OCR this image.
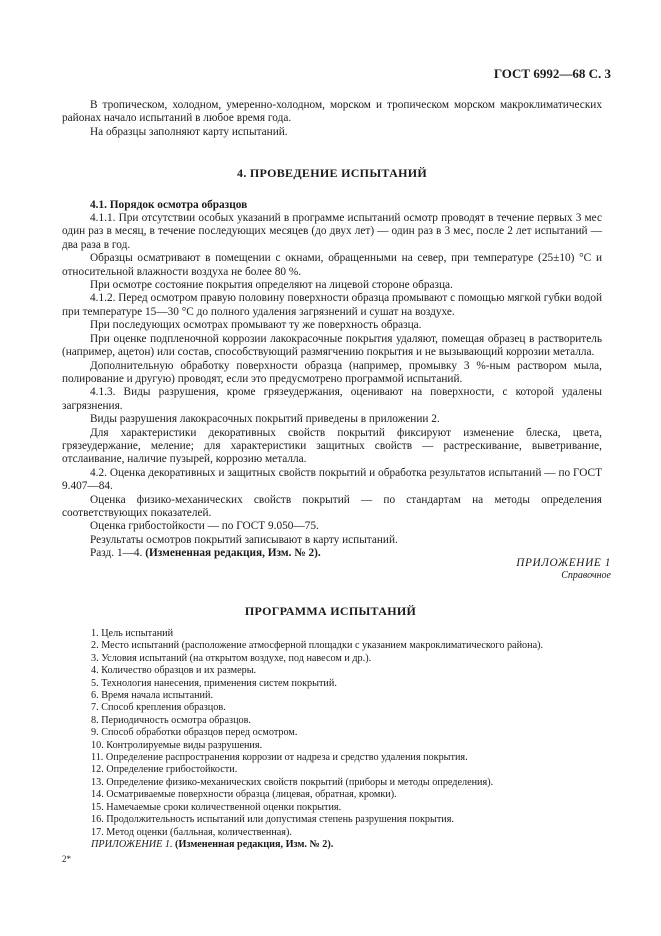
ГОСТ 6992—68 С. 3

В тропическом, холодном, умеренно-холодном, морском и тропическом морском макроклиматических районах начало испытаний в любое время года.

На образцы заполняют карту испытаний.

4. ПРОВЕДЕНИЕ ИСПЫТАНИЙ

4.1. Порядок осмотра образцов

4.1.1. При отсутствии особых указаний в программе испытаний осмотр проводят в течение первых 3 мес один раз в месяц, в течение последующих месяцев (до двух лет) — один раз в 3 мес, после 2 лет испытаний — два раза в год.

Образцы осматривают в помещении с окнами, обращенными на север, при температуре (25±10) °С и относительной влажности воздуха не более 80 %.

При осмотре состояние покрытия определяют на лицевой стороне образца.

4.1.2. Перед осмотром правую половину поверхности образца промывают с помощью мягкой губки водой при температуре 15—30 °С до полного удаления загрязнений и сушат на воздухе.

При последующих осмотрах промывают ту же поверхность образца.

При оценке подпленочной коррозии лакокрасочные покрытия удаляют, помещая образец в растворитель (например, ацетон) или состав, способствующий размягчению покрытия и не вызывающий коррозии металла.

Дополнительную обработку поверхности образца (например, промывку 3 %-ным раствором мыла, полирование и другую) проводят, если это предусмотрено программой испытаний.

4.1.3. Виды разрушения, кроме грязеудержания, оценивают на поверхности, с которой удалены загрязнения.

Виды разрушения лакокрасочных покрытий приведены в приложении 2.

Для характеристики декоративных свойств покрытий фиксируют изменение блеска, цвета, грязеудержание, меление; для характеристики защитных свойств — растрескивание, выветривание, отслаивание, наличие пузырей, коррозию металла.

4.2. Оценка декоративных и защитных свойств покрытий и обработка результатов испытаний — по ГОСТ 9.407—84.

Оценка физико-механических свойств покрытий — по стандартам на методы определения соответствующих показателей.

Оценка грибостойкости — по ГОСТ 9.050—75.

Результаты осмотров покрытий записывают в карту испытаний.

Разд. 1—4. (Измененная редакция, Изм. № 2).

ПРИЛОЖЕНИЕ 1
Справочное
ПРОГРАММА ИСПЫТАНИЙ
1. Цель испытаний
2. Место испытаний (расположение атмосферной площадки с указанием макроклиматического района).
3. Условия испытаний (на открытом воздухе, под навесом и др.).
4. Количество образцов и их размеры.
5. Технология нанесения, применения систем покрытий.
6. Время начала испытаний.
7. Способ крепления образцов.
8. Периодичность осмотра образцов.
9. Способ обработки образцов перед осмотром.
10. Контролируемые виды разрушения.
11. Определение распространения коррозии от надреза и средство удаления покрытия.
12. Определение грибостойкости.
13. Определение физико-механических свойств покрытий (приборы и методы определения).
14. Осматриваемые поверхности образца (лицевая, обратная, кромки).
15. Намечаемые сроки количественной оценки покрытия.
16. Продолжительность испытаний или допустимая степень разрушения покрытия.
17. Метод оценки (балльная, количественная).
ПРИЛОЖЕНИЕ 1. (Измененная редакция, Изм. № 2).
2*
